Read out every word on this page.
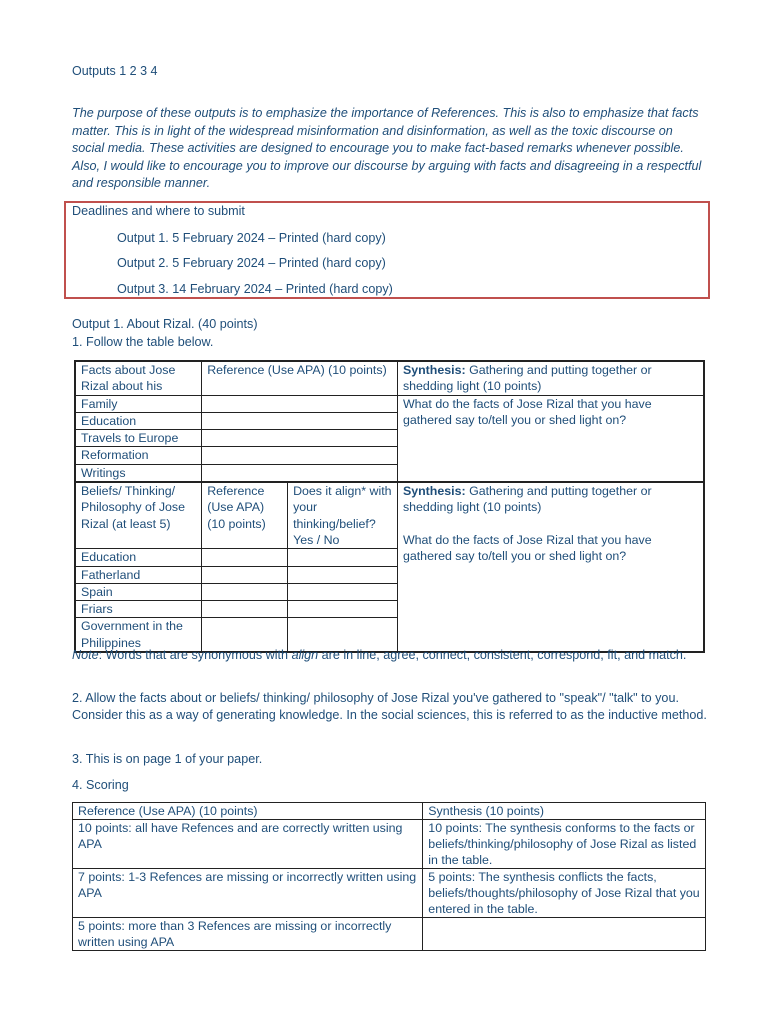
Outputs 1 2 3 4
The purpose of these outputs is to emphasize the importance of References. This is also to emphasize that facts matter. This is in light of the widespread misinformation and disinformation, as well as the toxic discourse on social media. These activities are designed to encourage you to make fact-based remarks whenever possible. Also, I would like to encourage you to improve our discourse by arguing with facts and disagreeing in a respectful and responsible manner.
Deadlines and where to submit
Output 1. 5 February 2024 – Printed (hard copy)
Output 2. 5 February 2024 – Printed (hard copy)
Output 3. 14 February 2024 – Printed (hard copy)
Output 1. About Rizal. (40 points)
1. Follow the table below.
Facts about Jose Rizal about his	Reference (Use APA) (10 points)		Synthesis: Gathering and putting together or shedding light (10 points)

Family			What do the facts of Jose Rizal that you have gathered say to/tell you or shed light on?
Education			
Travels to Europe			
Reformation			
Writings			
Beliefs/ Thinking/ Philosophy of Jose Rizal (at least 5)	Reference (Use APA) (10 points)	Does it align* with your thinking/belief? Yes / No	Synthesis: Gathering and putting together or shedding light (10 points)
What do the facts of Jose Rizal that you have gathered say to/tell you or shed light on?

Education			
Fatherland			
Spain			
Friars			
Government in the Philippines			
Note: Words that are synonymous with align are in line, agree, connect, consistent, correspond, fit, and match.
2. Allow the facts about or beliefs/ thinking/ philosophy of Jose Rizal you've gathered to "speak"/ "talk" to you. Consider this as a way of generating knowledge. In the social sciences, this is referred to as the inductive method.
3. This is on page 1 of your paper.
4. Scoring
Reference (Use APA) (10 points)	Synthesis (10 points)
10 points: all have Refences and are correctly written using APA	10 points: The synthesis conforms to the facts or beliefs/thinking/philosophy of Jose Rizal as listed in the table.
7 points: 1-3 Refences are missing or incorrectly written using APA	5 points: The synthesis conflicts the facts, beliefs/thoughts/philosophy of Jose Rizal that you entered in the table.
5 points: more than 3 Refences are missing or incorrectly written using APA	
